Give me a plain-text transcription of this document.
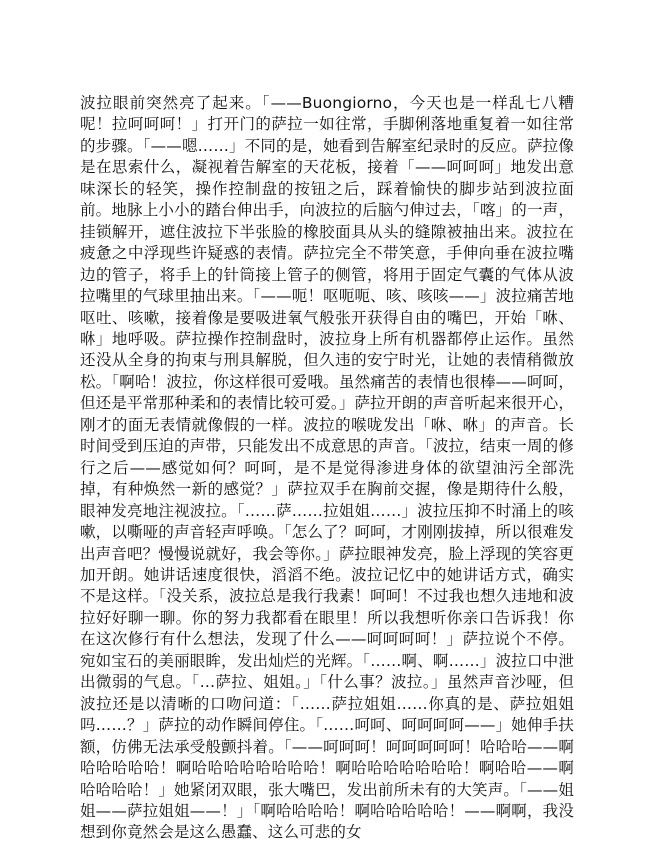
波拉眼前突然亮了起来。「——Buongiorno，今天也是一样乱七八糟呢！拉呵呵呵！」打开门的萨拉一如往常，手脚俐落地重复着一如往常的步骤。「——嗯……」不同的是，她看到告解室纪录时的反应。萨拉像是在思索什么，凝视着告解室的天花板，接着「——呵呵呵」地发出意味深长的轻笑，操作控制盘的按钮之后，踩着愉快的脚步站到波拉面前。地脉上小小的踏台伸出手，向波拉的后脑勺伸过去，「喀」的一声，挂锁解开，遮住波拉下半张脸的橡胶面具从头的缝隙被抽出来。波拉在疲惫之中浮现些许疑惑的表情。萨拉完全不带笑意，手伸向垂在波拉嘴边的管子，将手上的针筒接上管子的侧管，将用于固定气囊的气体从波拉嘴里的气球里抽出来。「——呃！呕呃呃、咳、咳咳——」波拉痛苦地呕吐、咳嗽，接着像是要吸进氧气般张开获得自由的嘴巴，开始「咻、咻」地呼吸。萨拉操作控制盘时，波拉身上所有机器都停止运作。虽然还没从全身的拘束与刑具解脱，但久违的安宁时光，让她的表情稍微放松。「啊哈！波拉，你这样很可爱哦。虽然痛苦的表情也很棒——呵呵，但还是平常那种柔和的表情比较可爱。」萨拉开朗的声音听起来很开心，刚才的面无表情就像假的一样。波拉的喉咙发出「咻、咻」的声音。长时间受到压迫的声带，只能发出不成意思的声音。「波拉，结束一周的修行之后——感觉如何？呵呵，是不是觉得渗进身体的欲望油污全部洗掉，有种焕然一新的感觉？」萨拉双手在胸前交握，像是期待什么般，眼神发亮地注视波拉。「……萨……拉姐姐……」波拉压抑不时涌上的咳嗽，以嘶哑的声音轻声呼唤。「怎么了？呵呵，才刚刚拔掉，所以很难发出声音吧？慢慢说就好，我会等你。」萨拉眼神发亮，脸上浮现的笑容更加开朗。她讲话速度很快，滔滔不绝。波拉记忆中的她讲话方式，确实不是这样。「没关系，波拉总是我行我素！呵呵！不过我也想久违地和波拉好好聊一聊。你的努力我都看在眼里！所以我想听你亲口告诉我！你在这次修行有什么想法，发现了什么——呵呵呵呵！」萨拉说个不停。宛如宝石的美丽眼眸，发出灿烂的光辉。「……啊、啊……」波拉口中泄出微弱的气息。「…萨拉、姐姐。」「什么事？波拉。」虽然声音沙哑，但波拉还是以清晰的口吻问道：「……萨拉姐姐……你真的是、萨拉姐姐吗……？」萨拉的动作瞬间停住。「……呵呵、呵呵呵呵——」她伸手扶额，仿佛无法承受般颤抖着。「——呵呵呵！呵呵呵呵呵！哈哈哈——啊哈哈哈哈哈！啊哈哈哈哈哈哈哈哈！啊哈哈哈哈哈哈哈！啊哈哈——啊哈哈哈哈！」她紧闭双眼，张大嘴巴，发出前所未有的大笑声。「——姐姐——萨拉姐姐——！」「啊哈哈哈哈！啊哈哈哈哈哈！——啊啊，我没想到你竟然会是这么愚蠢、这么可悲的女
